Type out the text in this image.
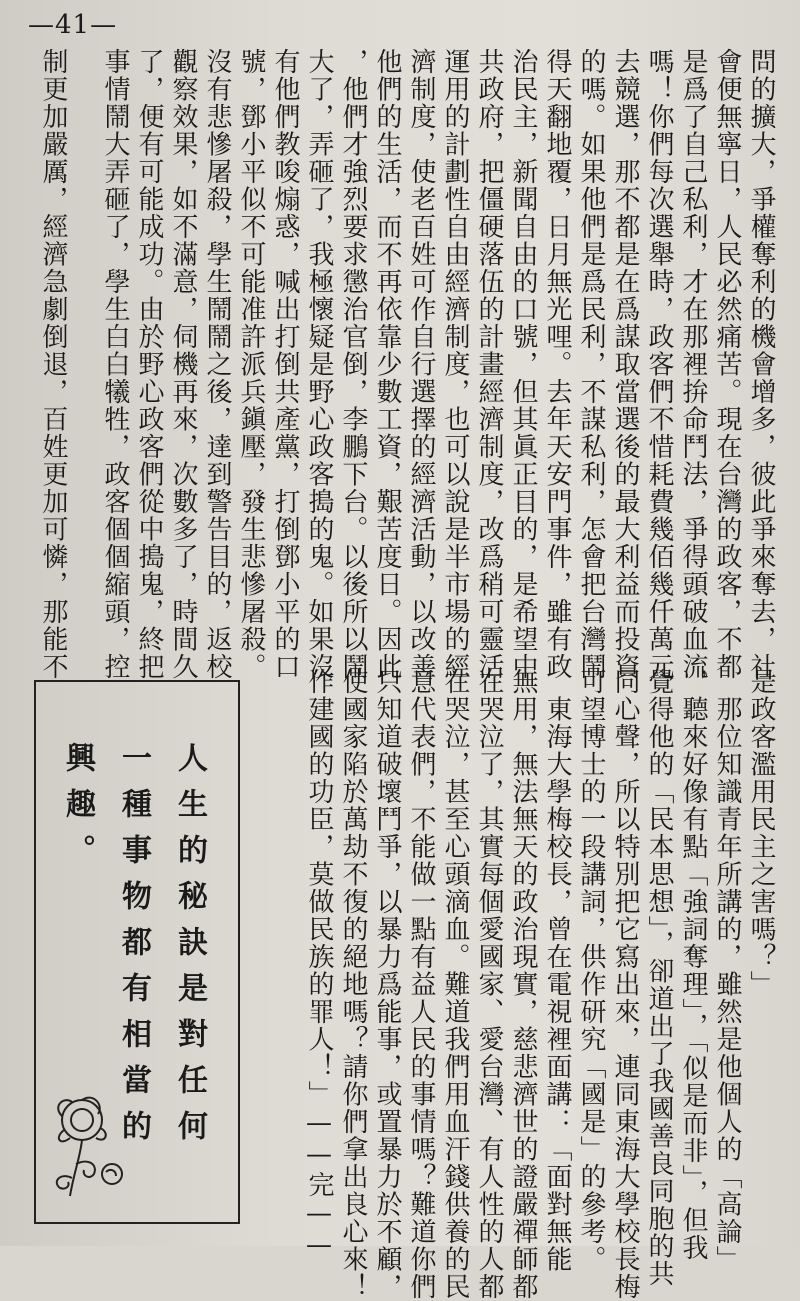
—41—
問的擴大，爭權奪利的機會增多，彼此爭來奪去，社
會便無寧日，人民必然痛苦。現在台灣的政客，不都
是爲了自己私利，才在那裡拚命鬥法，爭得頭破血流
嗎！你們每次選舉時，政客們不惜耗費幾佰幾仟萬元
去競選，那不都是在爲謀取當選後的最大利益而投資
的嗎。如果他們是爲民利，不謀私利，怎會把台灣鬧
得天翻地覆，日月無光哩。去年天安門事件，雖有政
治民主，新聞自由的口號，但其眞正目的，是希望中
共政府，把僵硬落伍的計畫經濟制度，改爲稍可靈活
運用的計劃性自由經濟制度，也可以說是半市場的經
濟制度，使老百姓可作自行選擇的經濟活動，以改善
他們的生活，而不再依靠少數工資，艱苦度日。因此
，他們才強烈要求懲治官倒，李鵬下台。以後所以鬧
大了，弄砸了，我極懷疑是野心政客搗的鬼。如果沒
有他們教唆煽惑，喊出打倒共產黨，打倒鄧小平的口
號，鄧小平似不可能准許派兵鎭壓，發生悲慘屠殺。
沒有悲慘屠殺，學生鬧鬧之後，達到警告目的，返校
觀察效果，如不滿意，伺機再來，次數多了，時間久
了，便有可能成功。由於野心政客們從中搗鬼，終把
事情鬧大弄砸了，學生白白犧牲，政客個個縮頭，控
制更加嚴厲，經濟急劇倒退，百姓更加可憐，那能不
是政客濫用民主之害嗎？」
　那位知識青年所講的，雖然是他個人的「高論」
，聽來好像有點「強詞奪理」，「似是而非」，但我
覺得他的「民本思想」，卻道出了我國善良同胞的共
同心聲，所以特別把它寫出來，連同東海大學校長梅
可望博士的一段講詞，供作研究「國是」的參考。
　東海大學梅校長，曾在電視裡面講：「面對無能
無用，無法無天的政治現實，慈悲濟世的證嚴禪師都
在哭泣了，其實每個愛國家、愛台灣、有人性的人都
在哭泣，甚至心頭滴血。難道我們用血汗錢供養的民
意代表們，不能做一點有益人民的事情嗎？難道你們
只知道破壞鬥爭，以暴力爲能事，或置暴力於不顧，
使國家陷於萬劫不復的絕地嗎？請你們拿出良心來！
作建國的功臣，莫做民族的罪人！」——完——
人生的秘訣是對任何
一種事物都有相當的
興趣。
